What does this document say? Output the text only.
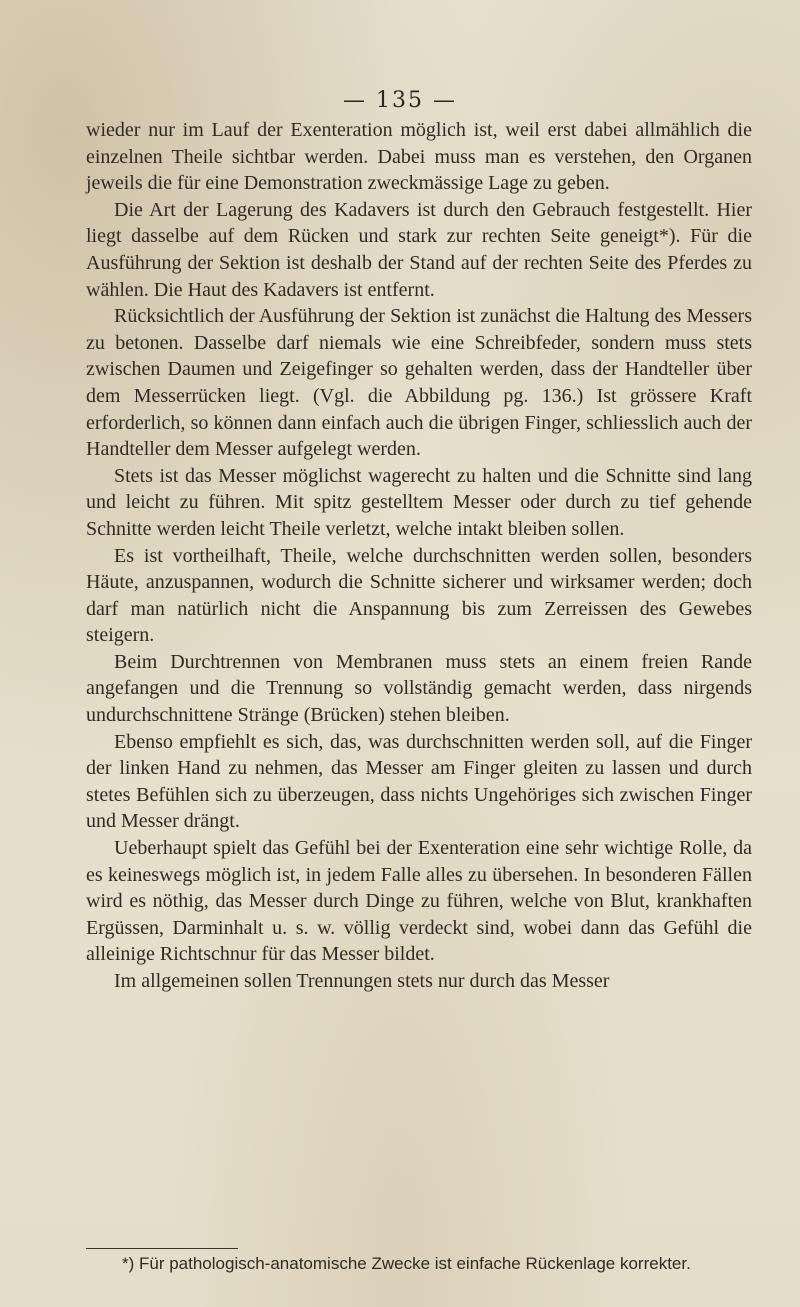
— 135 —

wieder nur im Lauf der Exenteration möglich ist, weil erst dabei allmählich die einzelnen Theile sichtbar werden. Dabei muss man es verstehen, den Organen jeweils die für eine Demonstration zweckmässige Lage zu geben.

Die Art der Lagerung des Kadavers ist durch den Gebrauch festgestellt. Hier liegt dasselbe auf dem Rücken und stark zur rechten Seite geneigt*). Für die Ausführung der Sektion ist deshalb der Stand auf der rechten Seite des Pferdes zu wählen. Die Haut des Kadavers ist entfernt.

Rücksichtlich der Ausführung der Sektion ist zunächst die Haltung des Messers zu betonen. Dasselbe darf niemals wie eine Schreibfeder, sondern muss stets zwischen Daumen und Zeigefinger so gehalten werden, dass der Handteller über dem Messerrücken liegt. (Vgl. die Abbildung pg. 136.) Ist grössere Kraft erforderlich, so können dann einfach auch die übrigen Finger, schliesslich auch der Handteller dem Messer aufgelegt werden.

Stets ist das Messer möglichst wagerecht zu halten und die Schnitte sind lang und leicht zu führen. Mit spitz gestelltem Messer oder durch zu tief gehende Schnitte werden leicht Theile verletzt, welche intakt bleiben sollen.

Es ist vortheilhaft, Theile, welche durchschnitten werden sollen, besonders Häute, anzuspannen, wodurch die Schnitte sicherer und wirksamer werden; doch darf man natürlich nicht die Anspannung bis zum Zerreissen des Gewebes steigern.

Beim Durchtrennen von Membranen muss stets an einem freien Rande angefangen und die Trennung so vollständig gemacht werden, dass nirgends undurchschnittene Stränge (Brücken) stehen bleiben.

Ebenso empfiehlt es sich, das, was durchschnitten werden soll, auf die Finger der linken Hand zu nehmen, das Messer am Finger gleiten zu lassen und durch stetes Befühlen sich zu überzeugen, dass nichts Ungehöriges sich zwischen Finger und Messer drängt.

Ueberhaupt spielt das Gefühl bei der Exenteration eine sehr wichtige Rolle, da es keineswegs möglich ist, in jedem Falle alles zu übersehen. In besonderen Fällen wird es nöthig, das Messer durch Dinge zu führen, welche von Blut, krankhaften Ergüssen, Darminhalt u. s. w. völlig verdeckt sind, wobei dann das Gefühl die alleinige Richtschnur für das Messer bildet.

Im allgemeinen sollen Trennungen stets nur durch das Messer

*) Für pathologisch-anatomische Zwecke ist einfache Rückenlage korrekter.
